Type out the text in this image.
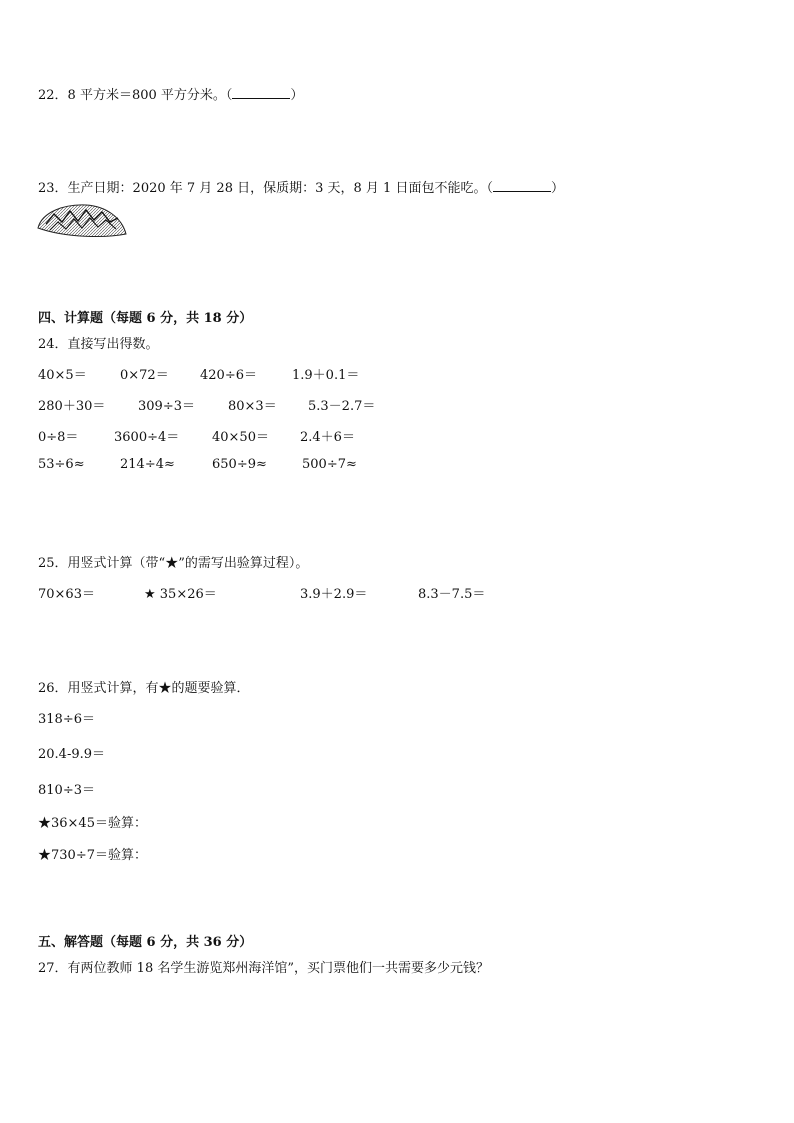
22．8 平方米＝800 平方分米。（	）
23．生产日期：2020 年 7 月 28 日，保质期：3 天，8 月 1 日面包不能吃。（	）
四、计算题（每题 6 分，共 18 分）
24．直接写出得数。
40×5＝	0×72＝ 420÷6＝	1.9＋0.1＝
280＋30＝	309÷3＝	80×3＝ 5.3－2.7＝
0÷8＝	3600÷4＝	40×50＝ 2.4＋6＝
53÷6≈	214÷4≈	650÷9≈	500÷7≈
25．用竖式计算（带“★”的需写出验算过程）。
70×63＝	★ 35×26＝	3.9＋2.9＝	8.3－7.5＝
26．用竖式计算，有★的题要验算．
318÷6＝
20.4-9.9＝
810÷3＝
★36×45＝验算：
★730÷7＝验算：
五、解答题（每题 6 分，共 36 分）
27．有两位教师 18 名学生游览郑州海洋馆”，买门票他们一共需要多少元钱？
